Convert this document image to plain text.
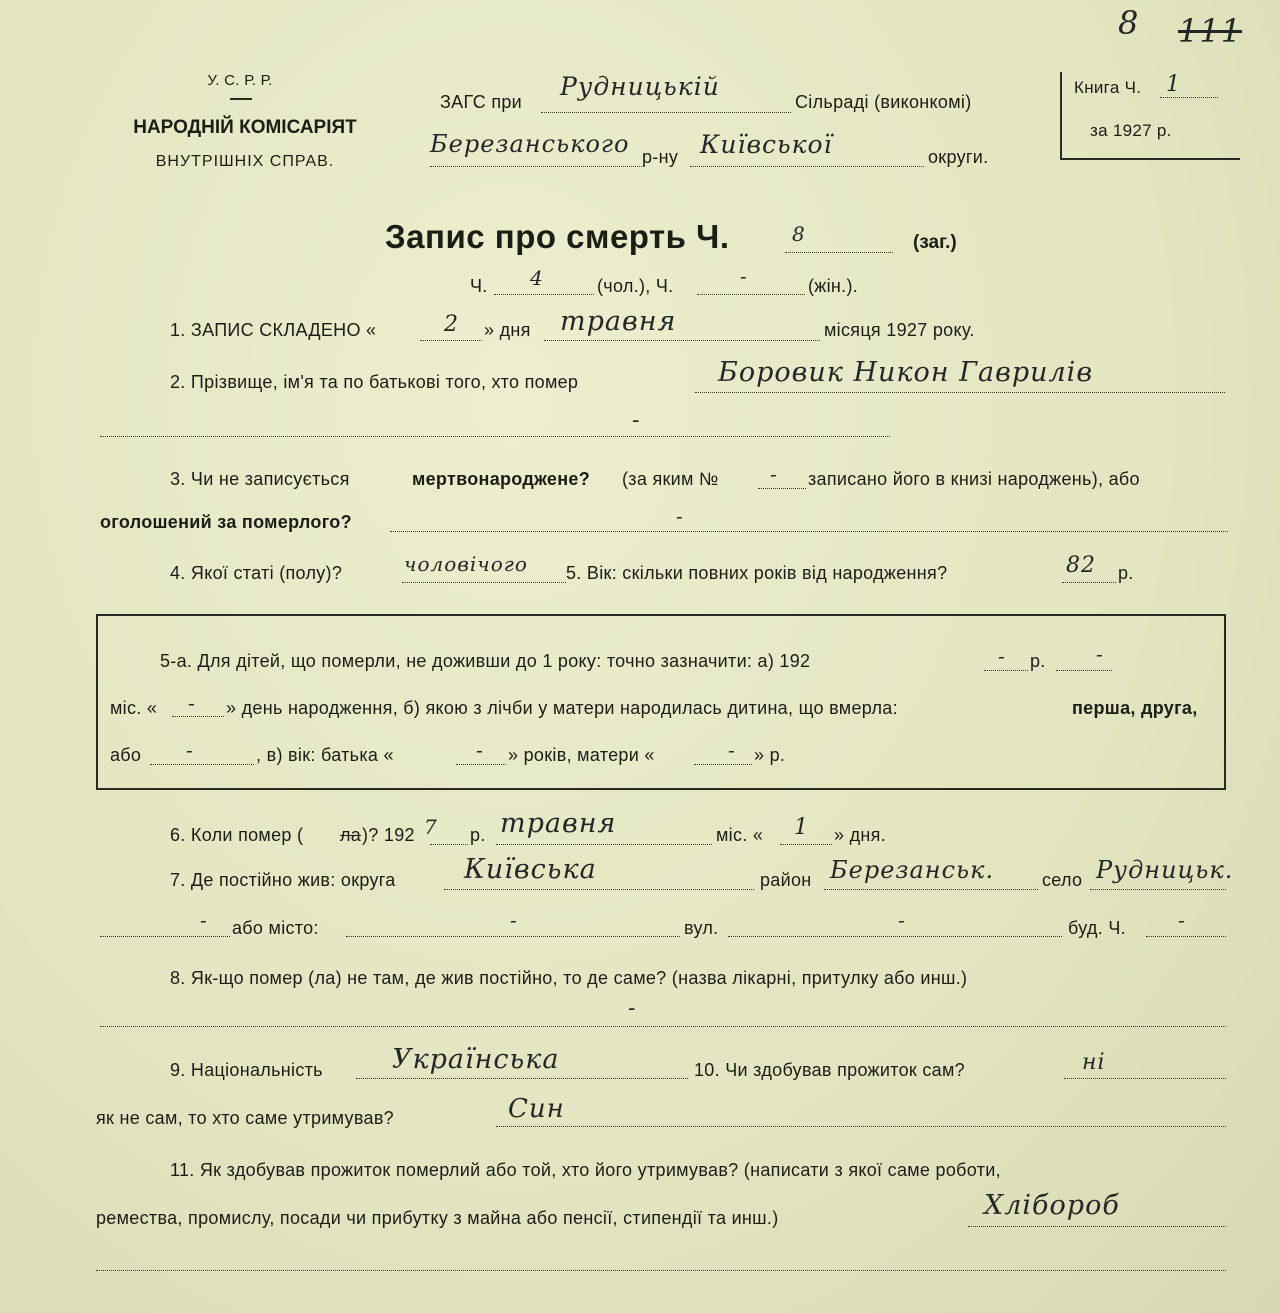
8 111
У. С. Р. Р.
НАРОДНІЙ КОМІСАРІЯТ
ВНУТРІШНІХ СПРАВ.
ЗАГС при
Рудницькій
Сільраді (виконкомі)
Березанського р-ну Київської	округи.
Книга Ч. 1
за 1927 р.
Запис про смерть Ч.	8	(заг.)
Ч. 4	(чол.), Ч.	-	(жін.).
1. ЗАПИС СКЛАДЕНО «	2 » дня травня	місяця 1927 року.
2. Прізвище, ім'я та по батькові того, хто помер	Боровик Никон Гаврилів
-
3. Чи не записується	мертвонароджене? (за яким №	- записано його в книзі народжень), або
оголошений за померлого?	-
4. Якої статі (полу)?	чоловічого 5. Вік: скільки повних років від народження?	82 р.
5-а. Для дітей, що померли, не доживши до 1 року: точно зазначити: а) 192	- р.	-
міс. « - » день народження, б) якою з лічби у матери народилась дитина, що вмерла:	перша, друга,
або -	, в) вік: батька «	- » років, матери «	- » р.
6. Коли помер ( ла )? 192 7 р. травня	міс. « 1 » дня.
7. Де постійно жив: округа	Київська	район Березанськ.	село Рудницьк.
- або місто:	-	вул.	-	буд. Ч.	-
8. Як-що помер (ла) не там, де жив постійно, то де саме? (назва лікарні, притулку або инш.)
-
9. Національність	Українська	10. Чи здобував прожиток сам?	ні
як не сам, то хто саме утримував?	Син
11. Як здобував прожиток померлий або той, хто його утримував? (написати з якої саме роботи,
ремества, промислу, посади чи прибутку з майна або пенсії, стипендії та инш.)	Хлібороб
